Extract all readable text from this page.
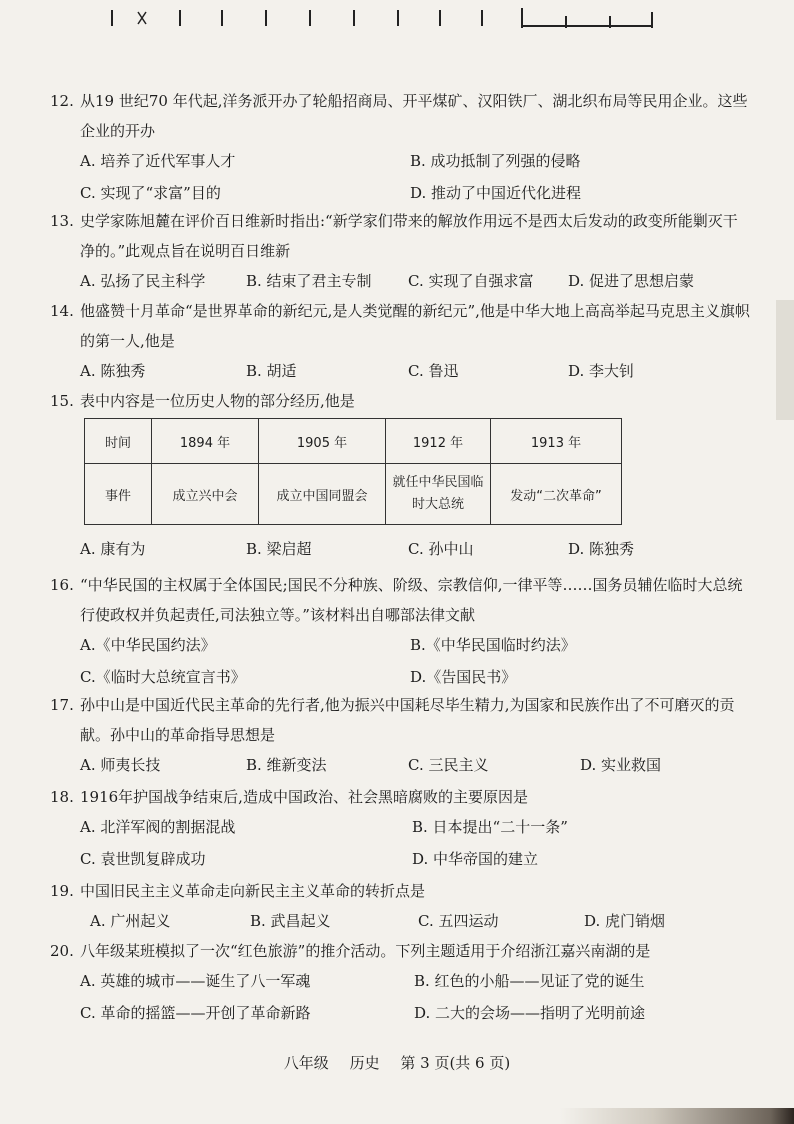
12. 从19 世纪70 年代起,洋务派开办了轮船招商局、开平煤矿、汉阳铁厂、湖北织布局等民用企业。这些企业的开办

A. 培养了近代军事人才	B. 成功抵制了列强的侵略
C. 实现了“求富”目的	D. 推动了中国近代化进程

13. 史学家陈旭麓在评价百日维新时指出:“新学家们带来的解放作用远不是西太后发动的政变所能剿灭干净的。”此观点旨在说明百日维新

A. 弘扬了民主科学	B. 结束了君主专制 C. 实现了自强求富 D. 促进了思想启蒙

14. 他盛赞十月革命“是世界革命的新纪元,是人类觉醒的新纪元”,他是中华大地上高高举起马克思主义旗帜的第一人,他是

A. 陈独秀	B. 胡适	C. 鲁迅	D. 李大钊

15. 表中内容是一位历史人物的部分经历,他是

时间	1894 年	1905 年	1912 年	1913 年
事件	成立兴中会	成立中国同盟会	就任中华民国临时大总统	发动“二次革命”
A. 康有为	B. 梁启超	C. 孙中山	D. 陈独秀

16. “中华民国的主权属于全体国民;国民不分种族、阶级、宗教信仰,一律平等……国务员辅佐临时大总统行使政权并负起责任,司法独立等。”该材料出自哪部法律文献

A.《中华民国约法》	B.《中华民国临时约法》
C.《临时大总统宣言书》	D.《告国民书》

17. 孙中山是中国近代民主革命的先行者,他为振兴中国耗尽毕生精力,为国家和民族作出了不可磨灭的贡献。孙中山的革命指导思想是

A. 师夷长技	B. 维新变法	C. 三民主义	D. 实业救国

18. 1916年护国战争结束后,造成中国政治、社会黑暗腐败的主要原因是

A. 北洋军阀的割据混战	B. 日本提出“二十一条”
C. 袁世凯复辟成功	D. 中华帝国的建立

19. 中国旧民主主义革命走向新民主主义革命的转折点是

A. 广州起义	B. 武昌起义	C. 五四运动	D. 虎门销烟

20. 八年级某班模拟了一次“红色旅游”的推介活动。下列主题适用于介绍浙江嘉兴南湖的是

A. 英雄的城市——诞生了八一军魂	B. 红色的小船——见证了党的诞生
C. 革命的摇篮——开创了革命新路	D. 二大的会场——指明了光明前途
八年级 历史 第 3 页(共 6 页)
